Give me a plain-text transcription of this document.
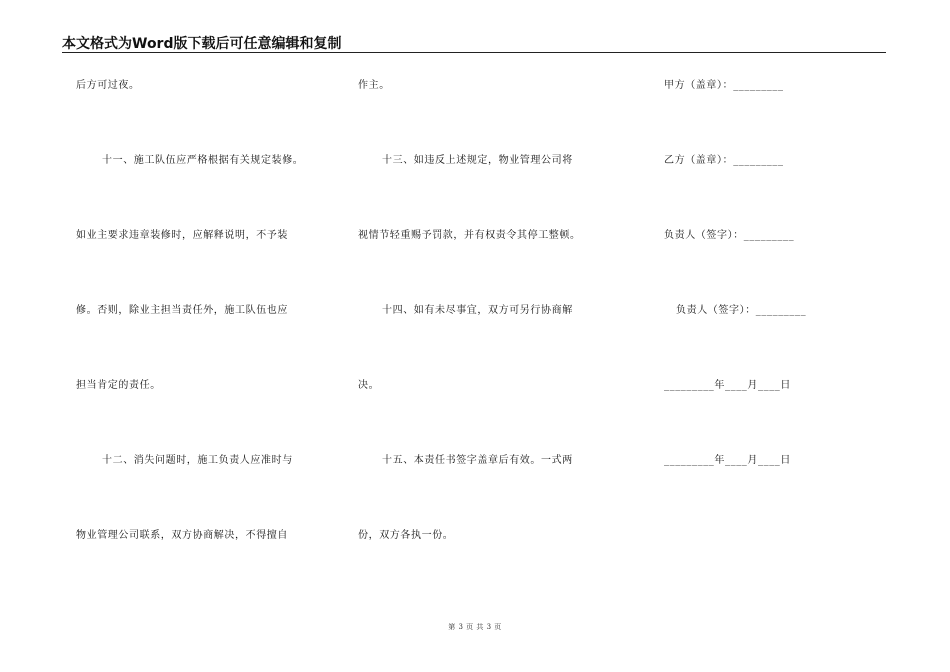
本文格式为Word版下载后可任意编辑和复制
后方可过夜。
十一、施工队伍应严格根据有关规定装修。
如业主要求违章装修时，应解释说明，不予装
修。否则，除业主担当责任外，施工队伍也应
担当肯定的责任。
十二、消失问题时，施工负责人应准时与
物业管理公司联系，双方协商解决，不得擅自
作主。
十三、如违反上述规定，物业管理公司将
视情节轻重赐予罚款，并有权责令其停工整顿。
十四、如有未尽事宜，双方可另行协商解
决。
十五、本责任书签字盖章后有效。一式两
份，双方各执一份。
甲方（盖章）：_________
乙方（盖章）：_________
负责人（签字）：_________
负责人（签字）：_________
_________年____月____日
_________年____月____日
第 3 页 共 3 页
